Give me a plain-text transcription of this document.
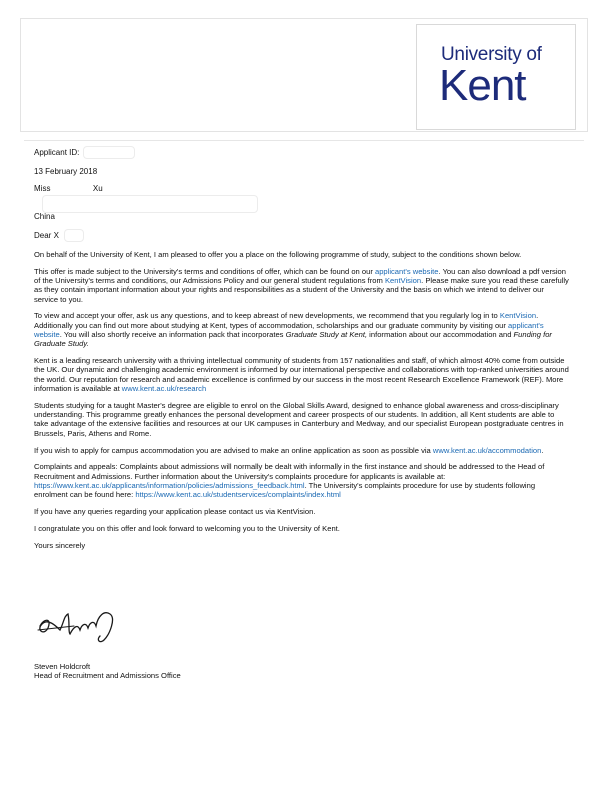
University of
Kent
Applicant ID:
13 February 2018
Miss	Xu
China
Dear X

On behalf of the University of Kent, I am pleased to offer you a place on the following programme of study, subject to the conditions shown below.

This offer is made subject to the University's terms and conditions of offer, which can be found on our applicant's website. You can also download a pdf version of the University's terms and conditions, our Admissions Policy and our general student regulations from KentVision. Please make sure you read these carefully as they contain important information about your rights and responsibilities as a student of the University and the basis on which we intend to deliver our service to you.

To view and accept your offer, ask us any questions, and to keep abreast of new developments, we recommend that you regularly log in to KentVision. Additionally you can find out more about studying at Kent, types of accommodation, scholarships and our graduate community by visiting our applicant's website. You will also shortly receive an information pack that incorporates Graduate Study at Kent, information about our accommodation and Funding for Graduate Study.

Kent is a leading research university with a thriving intellectual community of students from 157 nationalities and staff, of which almost 40% come from outside the UK. Our dynamic and challenging academic environment is informed by our international perspective and collaborations with top-ranked universities around the world. Our reputation for research and academic excellence is confirmed by our success in the most recent Research Excellence Framework (REF). More information is available at www.kent.ac.uk/research

Students studying for a taught Master's degree are eligible to enrol on the Global Skills Award, designed to enhance global awareness and cross-disciplinary understanding. This programme greatly enhances the personal development and career prospects of our students. In addition, all Kent students are able to take advantage of the extensive facilities and resources at our UK campuses in Canterbury and Medway, and our specialist European postgraduate centres in Brussels, Paris, Athens and Rome.

If you wish to apply for campus accommodation you are advised to make an online application as soon as possible via www.kent.ac.uk/accommodation.

Complaints and appeals: Complaints about admissions will normally be dealt with informally in the first instance and should be addressed to the Head of Recruitment and Admissions. Further information about the University's complaints procedure for applicants is available at: https://www.kent.ac.uk/applicants/information/policies/admissions_feedback.html. The University's complaints procedure for use by students following enrolment can be found here: https://www.kent.ac.uk/studentservices/complaints/index.html

If you have any queries regarding your application please contact us via KentVision.

I congratulate you on this offer and look forward to welcoming you to the University of Kent.

Yours sincerely

Steven Holdcroft
Head of Recruitment and Admissions Office
